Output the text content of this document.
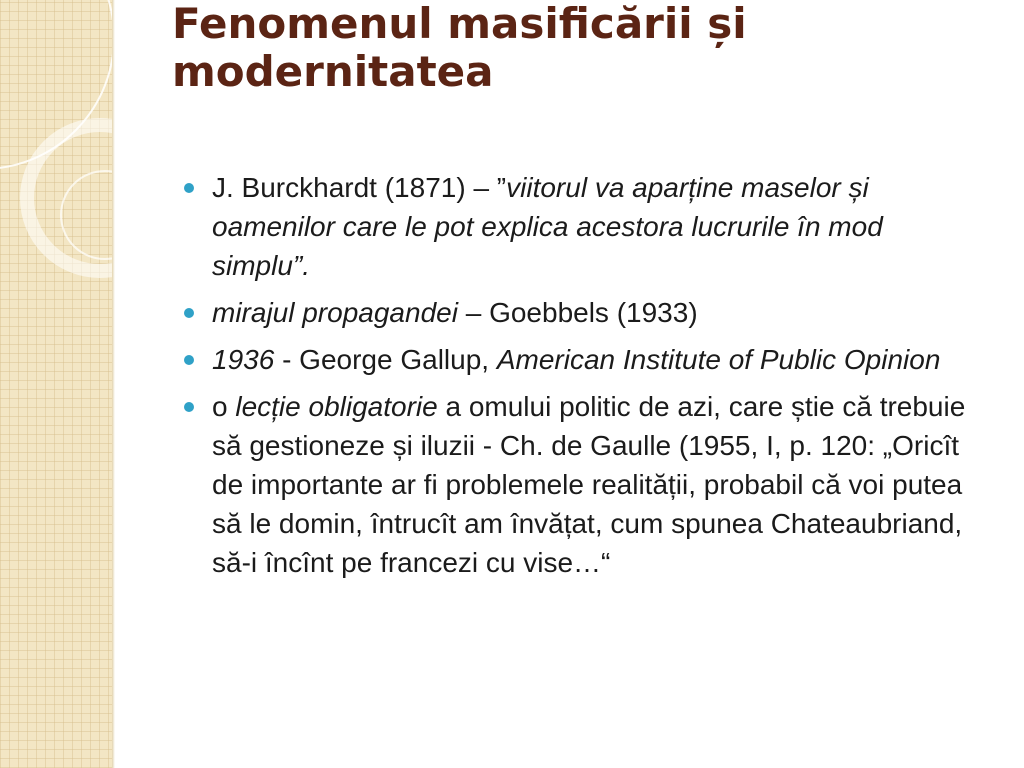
Fenomenul masificării și modernitatea
J. Burckhardt (1871) – ”viitorul va aparține maselor și oamenilor care le pot explica acestora lucrurile în mod simplu”.
mirajul propagandei – Goebbels (1933)
1936 - George Gallup, American Institute of Public Opinion
o lecție obligatorie a omului politic de azi, care știe că trebuie să gestioneze și iluzii - Ch. de Gaulle (1955, I, p. 120: „Oricît de importante ar fi problemele realității, probabil că voi putea să le domin, întrucît am învățat, cum spunea Chateaubriand, să-i încînt pe francezi cu vise…“
